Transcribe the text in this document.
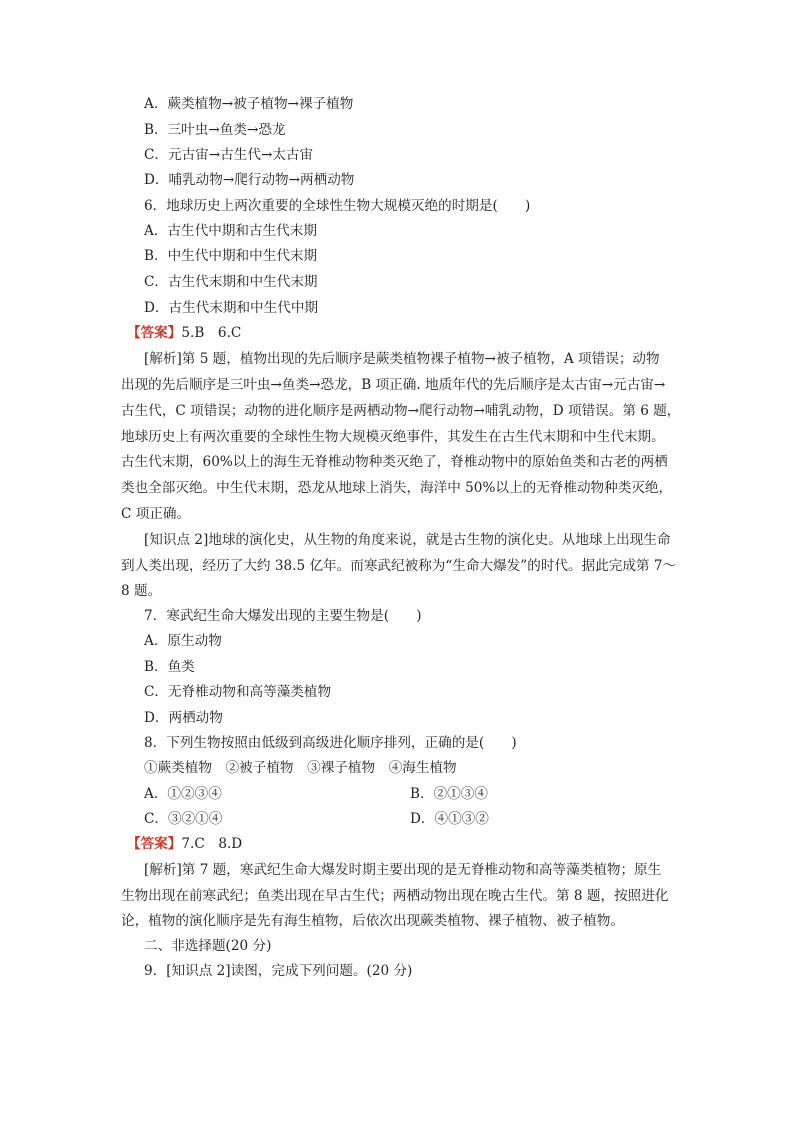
A．蕨类植物→被子植物→裸子植物
B．三叶虫→鱼类→恐龙
C．元古宙→古生代→太古宙
D．哺乳动物→爬行动物→两栖动物
6．地球历史上两次重要的全球性生物大规模灭绝的时期是(　　)
A．古生代中期和古生代末期
B．中生代中期和中生代末期
C．古生代末期和中生代末期
D．古生代末期和中生代中期
【答案】5.B　6.C
[解析]第 5 题，植物出现的先后顺序是蕨类植物裸子植物→被子植物，A 项错误；动物
出现的先后顺序是三叶虫→鱼类→恐龙，B 项正确. 地质年代的先后顺序是太古宙→元古宙→
古生代，C 项错误；动物的进化顺序是两栖动物→爬行动物→哺乳动物，D 项错误。第 6 题，
地球历史上有两次重要的全球性生物大规模灭绝事件，其发生在古生代末期和中生代末期。
古生代末期，60%以上的海生无脊椎动物种类灭绝了，脊椎动物中的原始鱼类和古老的两栖
类也全部灭绝。中生代末期，恐龙从地球上消失，海洋中 50%以上的无脊椎动物种类灭绝，
C 项正确。
[知识点 2]地球的演化史，从生物的角度来说，就是古生物的演化史。从地球上出现生命
到人类出现，经历了大约 38.5 亿年。而寒武纪被称为“生命大爆发”的时代。据此完成第 7～
8 题。
7．寒武纪生命大爆发出现的主要生物是(　　)
A．原生动物
B．鱼类
C．无脊椎动物和高等藻类植物
D．两栖动物
8．下列生物按照由低级到高级进化顺序排列，正确的是(　　)
①蕨类植物　②被子植物　③裸子植物　④海生植物
A．①②③④	B．②①③④
C．③②①④	D．④①③②
【答案】7.C　8.D
[解析]第 7 题，寒武纪生命大爆发时期主要出现的是无脊椎动物和高等藻类植物；原生
生物出现在前寒武纪；鱼类出现在早古生代；两栖动物出现在晚古生代。第 8 题，按照进化
论，植物的演化顺序是先有海生植物，后依次出现蕨类植物、裸子植物、被子植物。
二、非选择题(20 分)
9．[知识点 2]读图，完成下列问题。(20 分)
